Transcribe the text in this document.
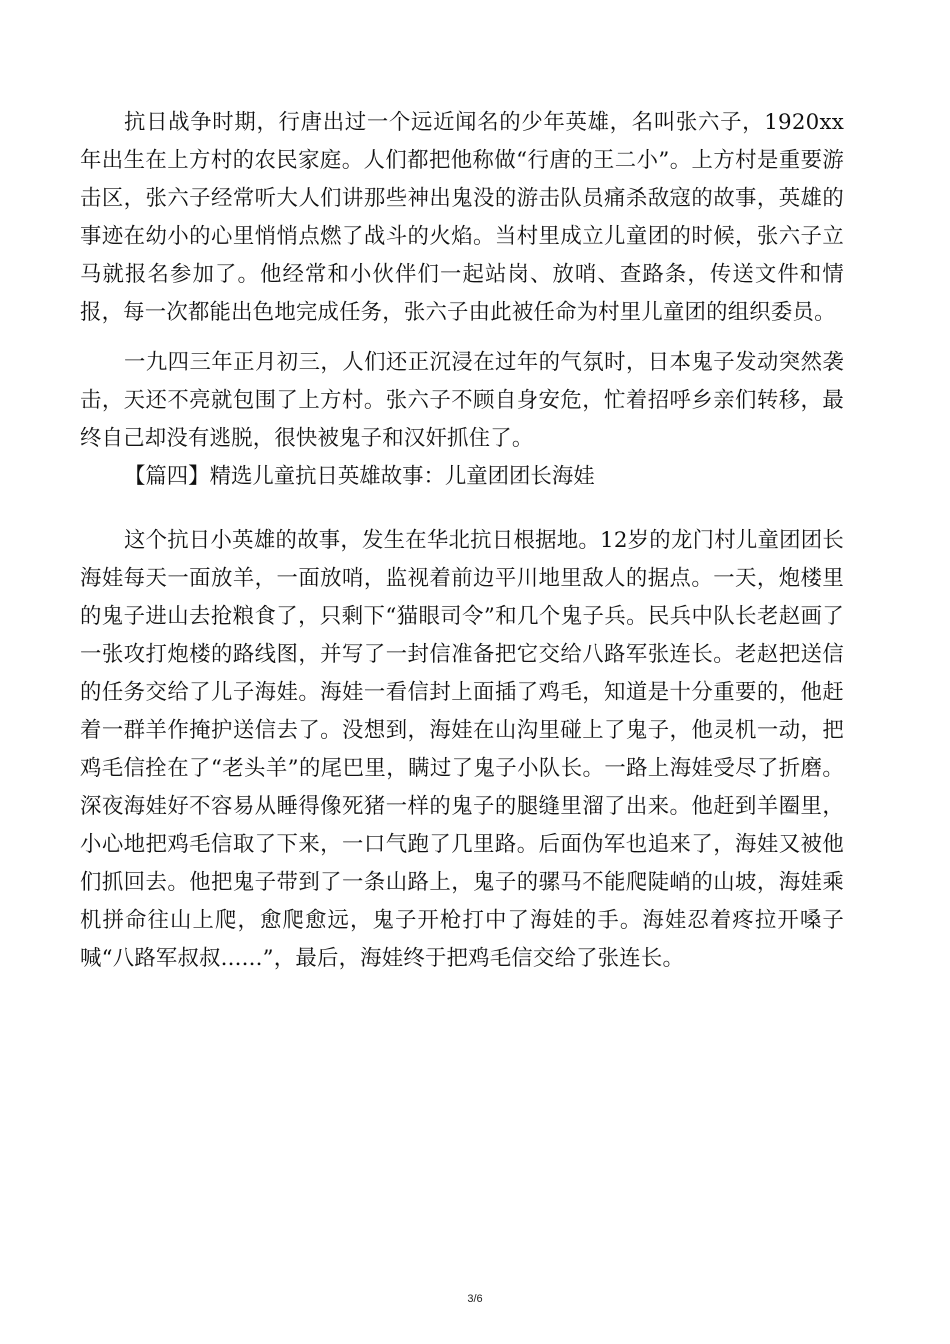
抗日战争时期，行唐出过一个远近闻名的少年英雄，名叫张六子，1920xx年出生在上方村的农民家庭。人们都把他称做“行唐的王二小”。上方村是重要游击区，张六子经常听大人们讲那些神出鬼没的游击队员痛杀敌寇的故事，英雄的事迹在幼小的心里悄悄点燃了战斗的火焰。当村里成立儿童团的时候，张六子立马就报名参加了。他经常和小伙伴们一起站岗、放哨、查路条，传送文件和情报，每一次都能出色地完成任务，张六子由此被任命为村里儿童团的组织委员。

一九四三年正月初三，人们还正沉浸在过年的气氛时，日本鬼子发动突然袭击，天还不亮就包围了上方村。张六子不顾自身安危，忙着招呼乡亲们转移，最终自己却没有逃脱，很快被鬼子和汉奸抓住了。

【篇四】精选儿童抗日英雄故事：儿童团团长海娃

这个抗日小英雄的故事，发生在华北抗日根据地。12岁的龙门村儿童团团长海娃每天一面放羊，一面放哨，监视着前边平川地里敌人的据点。一天，炮楼里的鬼子进山去抢粮食了，只剩下“猫眼司令”和几个鬼子兵。民兵中队长老赵画了一张攻打炮楼的路线图，并写了一封信准备把它交给八路军张连长。老赵把送信的任务交给了儿子海娃。海娃一看信封上面插了鸡毛，知道是十分重要的，他赶着一群羊作掩护送信去了。没想到，海娃在山沟里碰上了鬼子，他灵机一动，把鸡毛信拴在了“老头羊”的尾巴里，瞒过了鬼子小队长。一路上海娃受尽了折磨。深夜海娃好不容易从睡得像死猪一样的鬼子的腿缝里溜了出来。他赶到羊圈里，小心地把鸡毛信取了下来，一口气跑了几里路。后面伪军也追来了，海娃又被他们抓回去。他把鬼子带到了一条山路上，鬼子的骡马不能爬陡峭的山坡，海娃乘机拼命往山上爬，愈爬愈远，鬼子开枪打中了海娃的手。海娃忍着疼拉开嗓子喊“八路军叔叔......”，最后，海娃终于把鸡毛信交给了张连长。

3/6
